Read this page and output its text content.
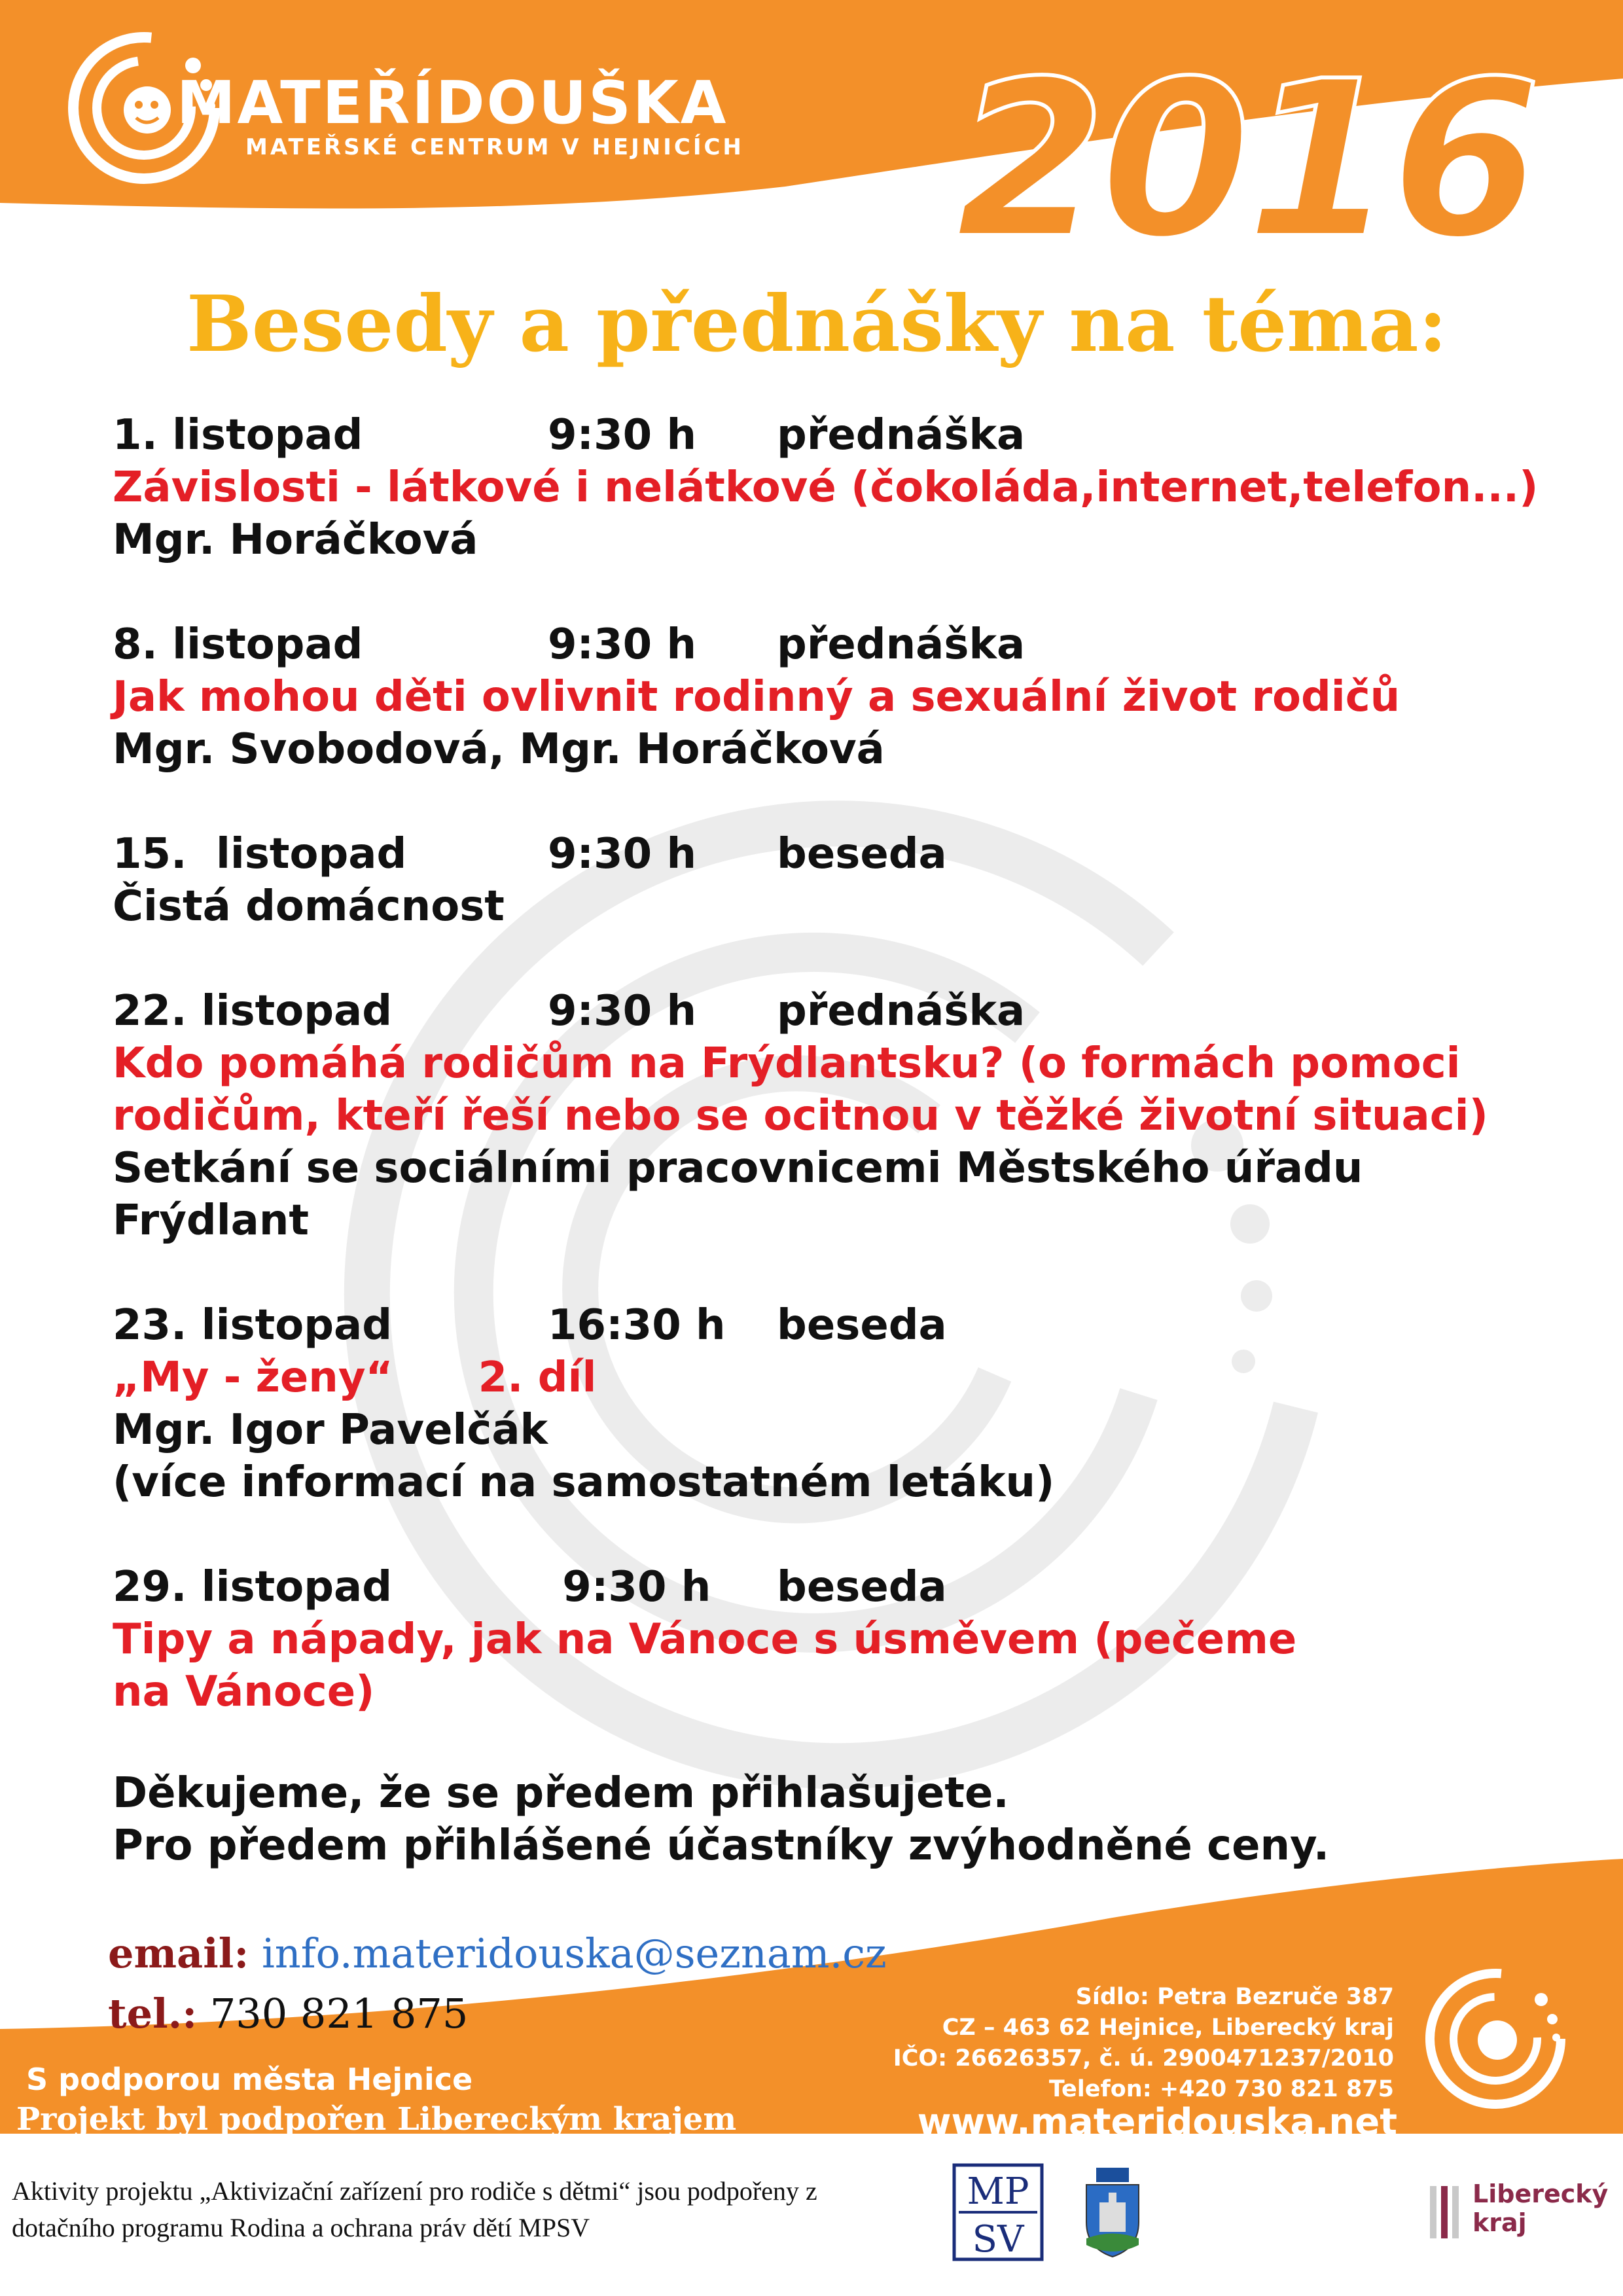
MATEŘÍDOUŠKA
MATEŘSKÉ CENTRUM V HEJNICÍCH 2016
Besedy a přednášky na téma:
1. listopad	9:30 h	přednáška
Závislosti - látkové i nelátkové (čokoláda,internet,telefon...)
Mgr. Horáčková
8. listopad	9:30 h	přednáška
Jak mohou děti ovlivnit rodinný a sexuální život rodičů
Mgr. Svobodová, Mgr. Horáčková
15.  listopad	9:30 h	beseda
Čistá domácnost
22. listopad	9:30 h	přednáška
Kdo pomáhá rodičům na Frýdlantsku? (o formách pomoci
rodičům, kteří řeší nebo se ocitnou v těžké životní situaci)
Setkání se sociálními pracovnicemi Městského úřadu
Frýdlant
23. listopad	16:30 h	beseda
„My - ženy“ 2. díl
Mgr. Igor Pavelčák
(více informací na samostatném letáku)
29. listopad	9:30 h	beseda
Tipy a nápady, jak na Vánoce s úsměvem (pečeme
na Vánoce)
Děkujeme, že se předem přihlašujete.
Pro předem přihlášené účastníky zvýhodněné ceny.
email: info.materidouska@seznam.cz
tel.: 730 821 875
S podporou města Hejnice
Projekt byl podpořen Libereckým krajem
Sídlo: Petra Bezruče 387
CZ – 463 62 Hejnice, Liberecký kraj
IČO: 26626357, č. ú. 2900471237/2010
Telefon: +420 730 821 875
www.materidouska.net
Aktivity projektu „Aktivizační zařízení pro rodiče s dětmi“ jsou podpořeny z
dotačního programu Rodina a ochrana práv dětí MPSV
MP
SV
Liberecký
kraj
